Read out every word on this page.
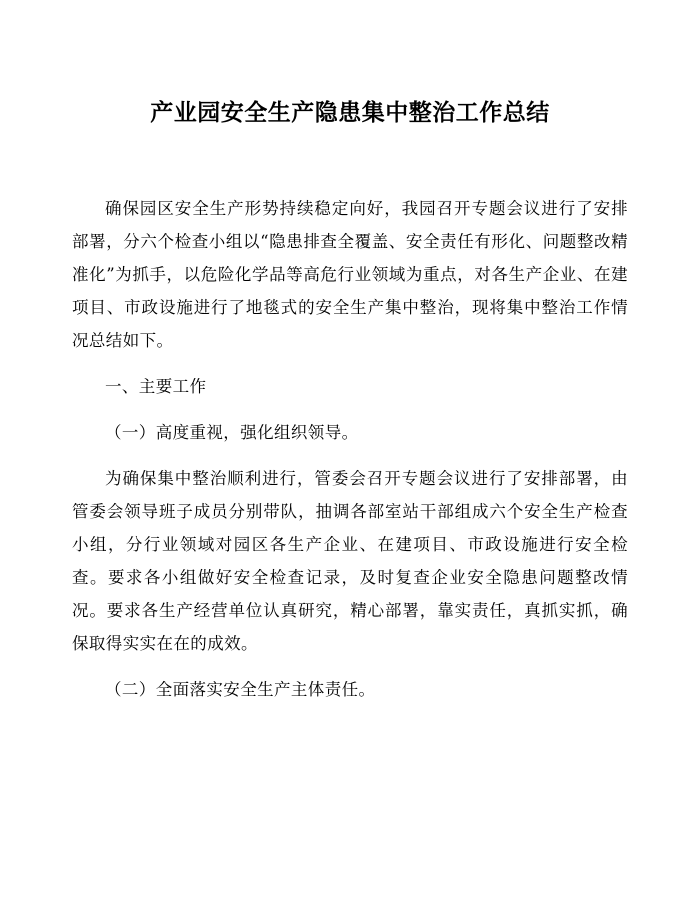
产业园安全生产隐患集中整治工作总结

确保园区安全生产形势持续稳定向好，我园召开专题会议进行了安排部署，分六个检查小组以“隐患排查全覆盖、安全责任有形化、问题整改精准化”为抓手，以危险化学品等高危行业领域为重点，对各生产企业、在建项目、市政设施进行了地毯式的安全生产集中整治，现将集中整治工作情况总结如下。

一、主要工作

（一）高度重视，强化组织领导。

为确保集中整治顺利进行，管委会召开专题会议进行了安排部署，由管委会领导班子成员分别带队，抽调各部室站干部组成六个安全生产检查小组，分行业领域对园区各生产企业、在建项目、市政设施进行安全检查。要求各小组做好安全检查记录，及时复查企业安全隐患问题整改情况。要求各生产经营单位认真研究，精心部署，靠实责任，真抓实抓，确保取得实实在在的成效。

（二）全面落实安全生产主体责任。
